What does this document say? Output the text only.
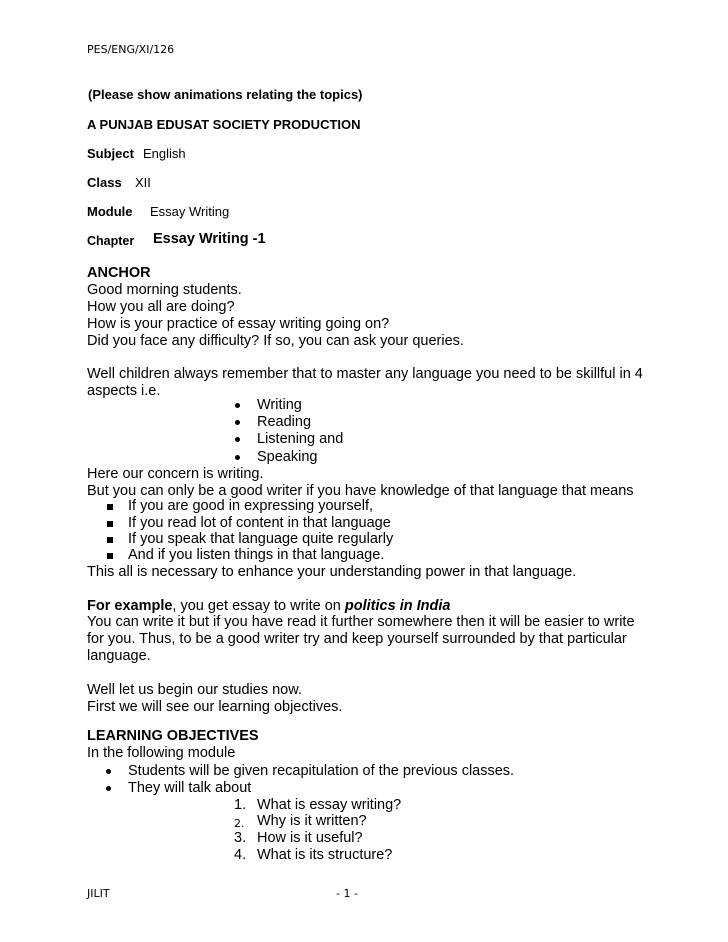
PES/ENG/XI/126
(Please show animations relating the topics)
A PUNJAB EDUSAT SOCIETY PRODUCTION
Subject English
Class XII
Module Essay Writing
Chapter Essay Writing -1
ANCHOR
Good morning students.
How you all are doing?
How is your practice of essay writing going on?
Did you face any difficulty? If so, you can ask your queries.
Well children always remember that to master any language you need to be skillful in 4
aspects i.e.
Writing
Reading
Listening and
Speaking
Here our concern is writing.
But you can only be a good writer if you have knowledge of that language that means
If you are good in expressing yourself,
If you read lot of content in that language
If you speak that language quite regularly
And if you listen things in that language.
This all is necessary to enhance your understanding power in that language.
For example, you get essay to write on politics in India
You can write it but if you have read it further somewhere then it will be easier to write
for you. Thus, to be a good writer try and keep yourself surrounded by that particular
language.
Well let us begin our studies now.
First we will see our learning objectives.
LEARNING OBJECTIVES
In the following module
Students will be given recapitulation of the previous classes.
They will talk about
1. What is essay writing?
2. Why is it written?
3. How is it useful?
4. What is its structure?
JILIT	- 1 -
